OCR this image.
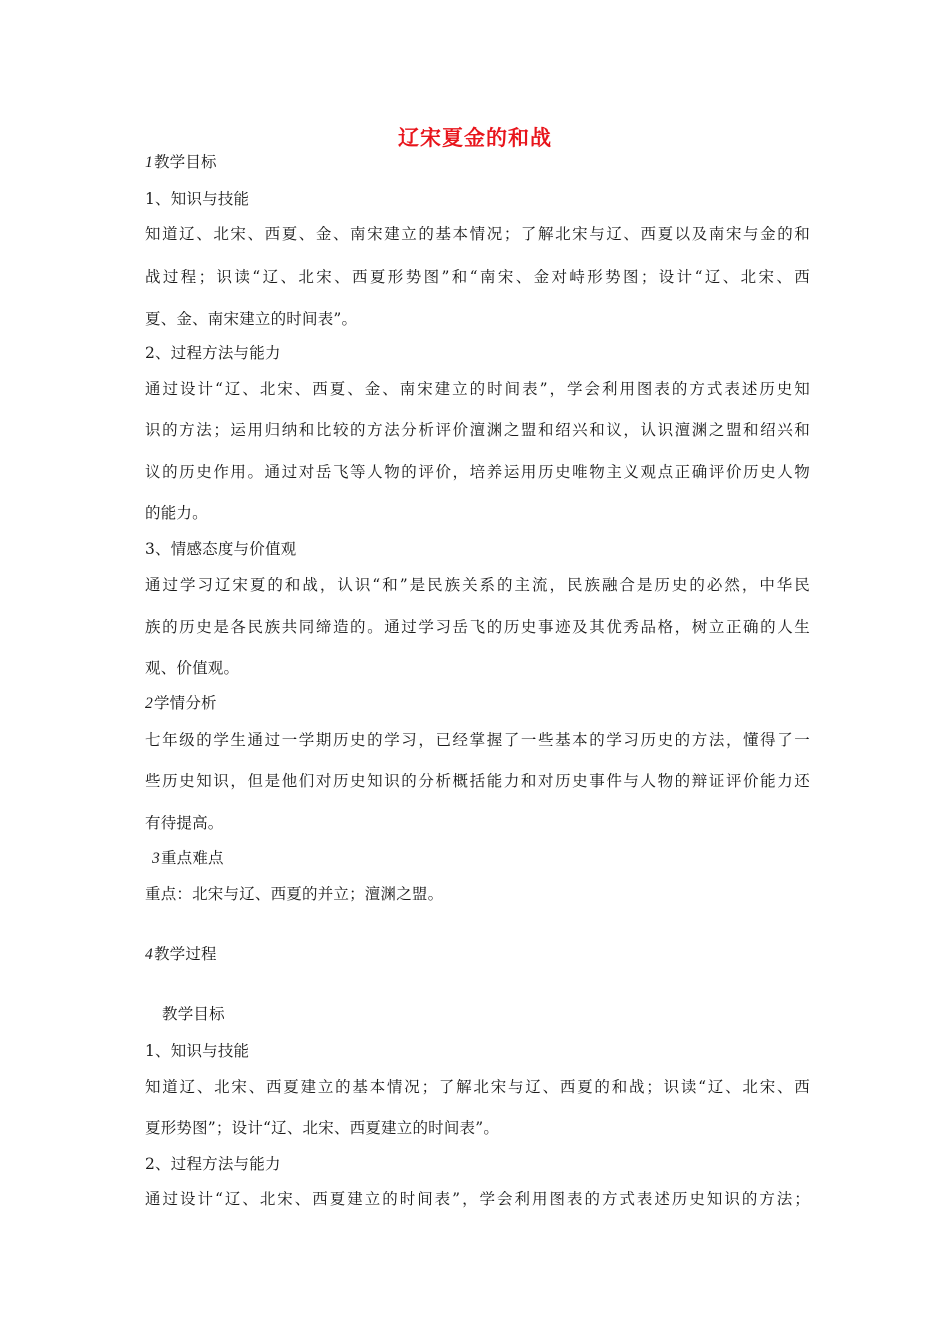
辽宋夏金的和战
1教学目标
1、知识与技能
知道辽、北宋、西夏、金、南宋建立的基本情况；了解北宋与辽、西夏以及南宋与金的和
战过程；识读“辽、北宋、西夏形势图”和“南宋、金对峙形势图；设计“辽、北宋、西
夏、金、南宋建立的时间表”。
2、过程方法与能力
通过设计“辽、北宋、西夏、金、南宋建立的时间表”，学会利用图表的方式表述历史知
识的方法；运用归纳和比较的方法分析评价澶渊之盟和绍兴和议，认识澶渊之盟和绍兴和
议的历史作用。通过对岳飞等人物的评价，培养运用历史唯物主义观点正确评价历史人物
的能力。
3、情感态度与价值观
通过学习辽宋夏的和战，认识“和”是民族关系的主流，民族融合是历史的必然，中华民
族的历史是各民族共同缔造的。通过学习岳飞的历史事迹及其优秀品格，树立正确的人生
观、价值观。
2学情分析
七年级的学生通过一学期历史的学习，已经掌握了一些基本的学习历史的方法，懂得了一
些历史知识，但是他们对历史知识的分析概括能力和对历史事件与人物的辩证评价能力还
有待提高。
3重点难点
重点：北宋与辽、西夏的并立；澶渊之盟。
4教学过程
教学目标
1、知识与技能
知道辽、北宋、西夏建立的基本情况；了解北宋与辽、西夏的和战；识读“辽、北宋、西
夏形势图”；设计“辽、北宋、西夏建立的时间表”。
2、过程方法与能力
通过设计“辽、北宋、西夏建立的时间表”，学会利用图表的方式表述历史知识的方法；
